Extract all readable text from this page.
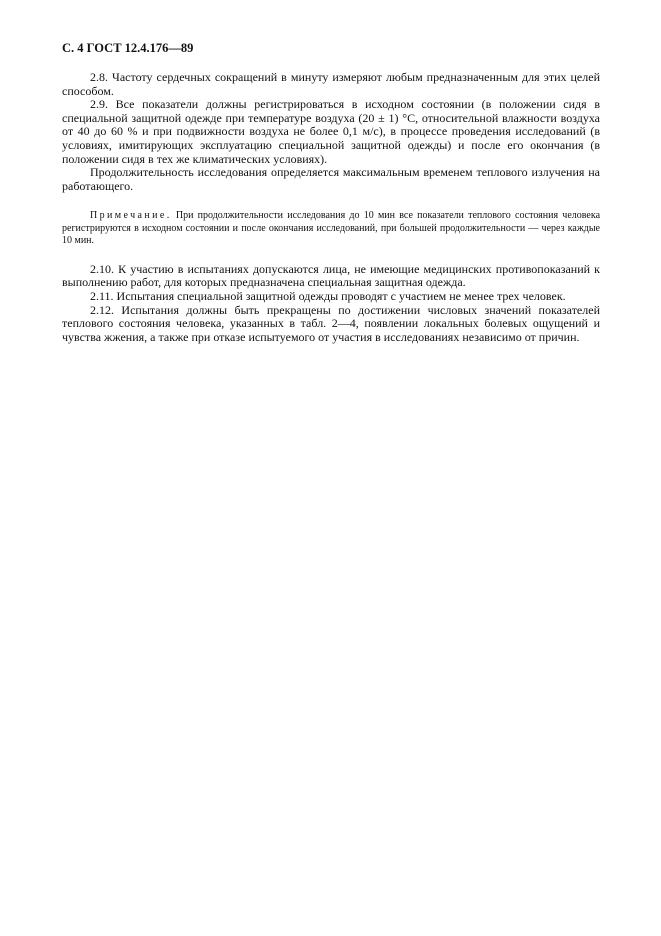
С. 4 ГОСТ 12.4.176—89

2.8. Частоту сердечных сокращений в минуту измеряют любым предназначенным для этих целей способом.

2.9. Все показатели должны регистрироваться в исходном состоянии (в положении сидя в специальной защитной одежде при температуре воздуха (20 ± 1) °С, относительной влажности воздуха от 40 до 60 % и при подвижности воздуха не более 0,1 м/с), в процессе проведения исследований (в условиях, имитирующих эксплуатацию специальной защитной одежды) и после его окончания (в положении сидя в тех же климатических условиях).

Продолжительность исследования определяется максимальным временем теплового излучения на работающего.

Примечание. При продолжительности исследования до 10 мин все показатели теплового состояния человека регистрируются в исходном состоянии и после окончания исследований, при большей продолжительности — через каждые 10 мин.

2.10. К участию в испытаниях допускаются лица, не имеющие медицинских противопоказаний к выполнению работ, для которых предназначена специальная защитная одежда.

2.11. Испытания специальной защитной одежды проводят с участием не менее трех человек.

2.12. Испытания должны быть прекращены по достижении числовых значений показателей теплового состояния человека, указанных в табл. 2—4, появлении локальных болевых ощущений и чувства жжения, а также при отказе испытуемого от участия в исследованиях независимо от причин.
